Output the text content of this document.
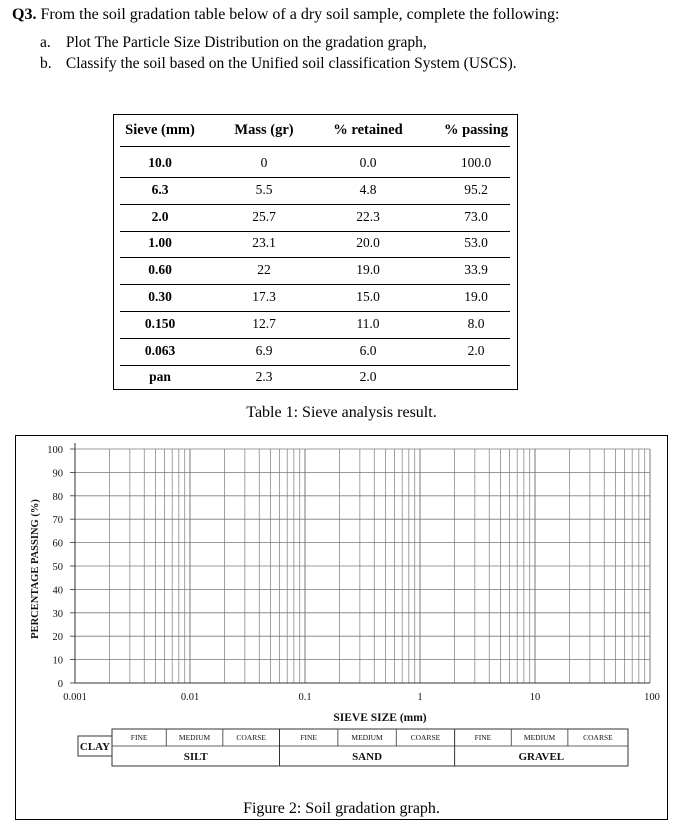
Q3. From the soil gradation table below of a dry soil sample, complete the following:
a. Plot The Particle Size Distribution on the gradation graph,
b. Classify the soil based on the Unified soil classification System (USCS).
Sieve (mm)	Mass (gr)	% retained	% passing
10.0	0	0.0	100.0
6.3	5.5	4.8	95.2
2.0	25.7	22.3	73.0
1.00	23.1	20.0	53.0
0.60	22	19.0	33.9
0.30	17.3	15.0	19.0
0.150	12.7	11.0	8.0
0.063	6.9	6.0	2.0
pan	2.3	2.0
Table 1: Sieve analysis result.
0
10
20
30
40
50
60
70
80
90
100
0.001	0.01	0.1	1	10	100
PERCENTAGE PASSING (%)
SIEVE SIZE (mm)
CLAY
SILT
FINE	MEDIUM	COARSE
SAND
FINE	MEDIUM	COARSE
GRAVEL
FINE	MEDIUM	COARSE
Figure 2: Soil gradation graph.
